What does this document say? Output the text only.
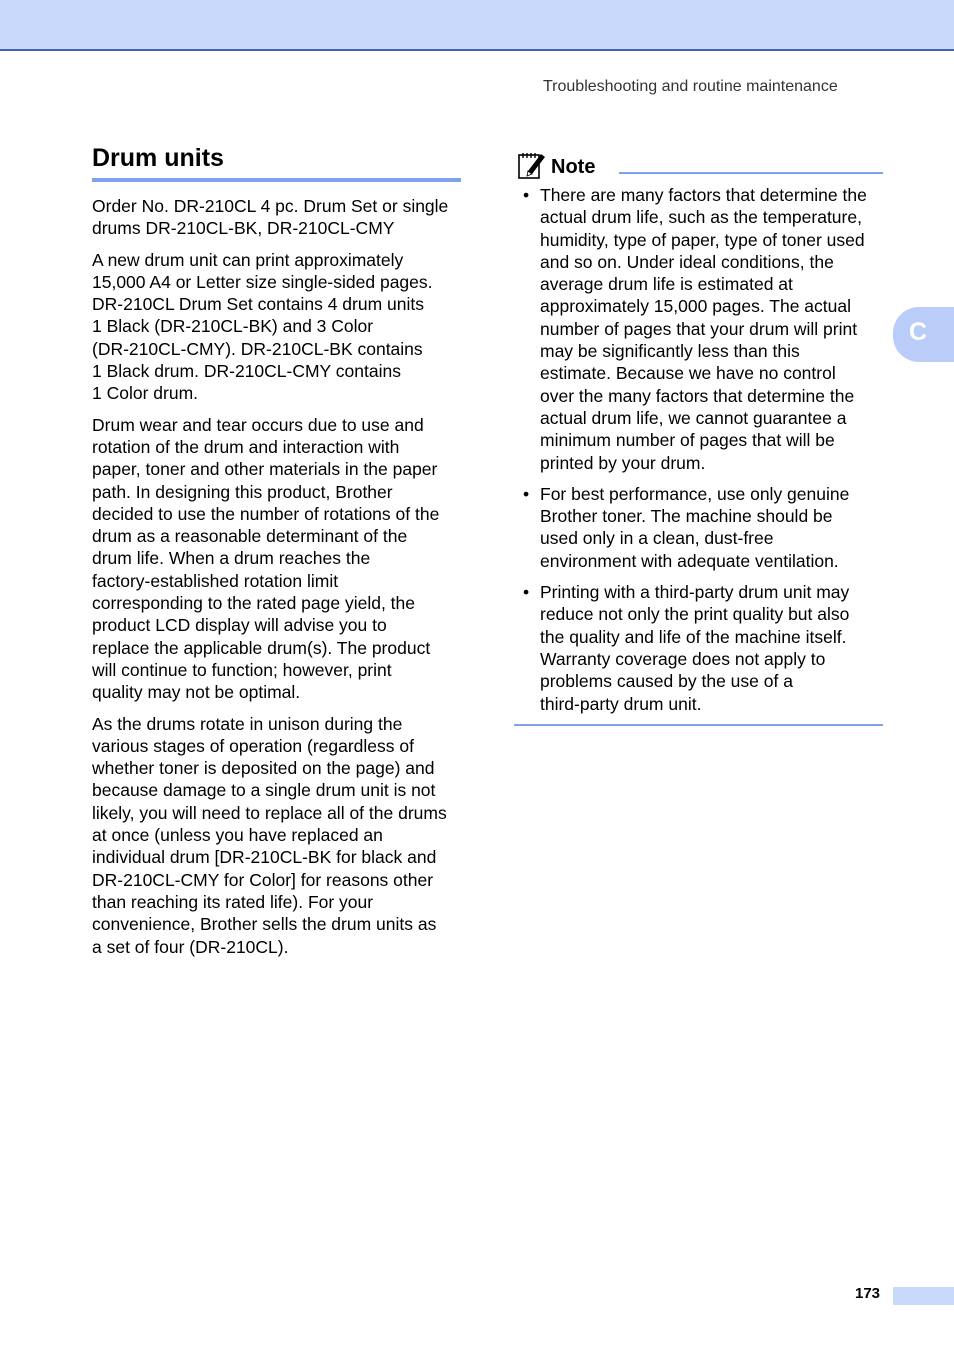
Troubleshooting and routine maintenance
Drum units

Order No. DR-210CL 4 pc. Drum Set or single
drums DR-210CL-BK, DR-210CL-CMY

A new drum unit can print approximately
15,000 A4 or Letter size single-sided pages.
DR-210CL Drum Set contains 4 drum units
1 Black (DR-210CL-BK) and 3 Color
(DR-210CL-CMY). DR-210CL-BK contains
1 Black drum. DR-210CL-CMY contains
1 Color drum.

Drum wear and tear occurs due to use and
rotation of the drum and interaction with
paper, toner and other materials in the paper
path. In designing this product, Brother
decided to use the number of rotations of the
drum as a reasonable determinant of the
drum life. When a drum reaches the
factory-established rotation limit
corresponding to the rated page yield, the
product LCD display will advise you to
replace the applicable drum(s). The product
will continue to function; however, print
quality may not be optimal.

As the drums rotate in unison during the
various stages of operation (regardless of
whether toner is deposited on the page) and
because damage to a single drum unit is not
likely, you will need to replace all of the drums
at once (unless you have replaced an
individual drum [DR-210CL-BK for black and
DR-210CL-CMY for Color] for reasons other
than reaching its rated life). For your
convenience, Brother sells the drum units as
a set of four (DR-210CL).

Note
• There are many factors that determine the
actual drum life, such as the temperature,
humidity, type of paper, type of toner used
and so on. Under ideal conditions, the
average drum life is estimated at
approximately 15,000 pages. The actual
number of pages that your drum will print
may be significantly less than this
estimate. Because we have no control
over the many factors that determine the
actual drum life, we cannot guarantee a
minimum number of pages that will be
printed by your drum.
• For best performance, use only genuine
Brother toner. The machine should be
used only in a clean, dust-free
environment with adequate ventilation.
• Printing with a third-party drum unit may
reduce not only the print quality but also
the quality and life of the machine itself.
Warranty coverage does not apply to
problems caused by the use of a
third-party drum unit.
C
173
